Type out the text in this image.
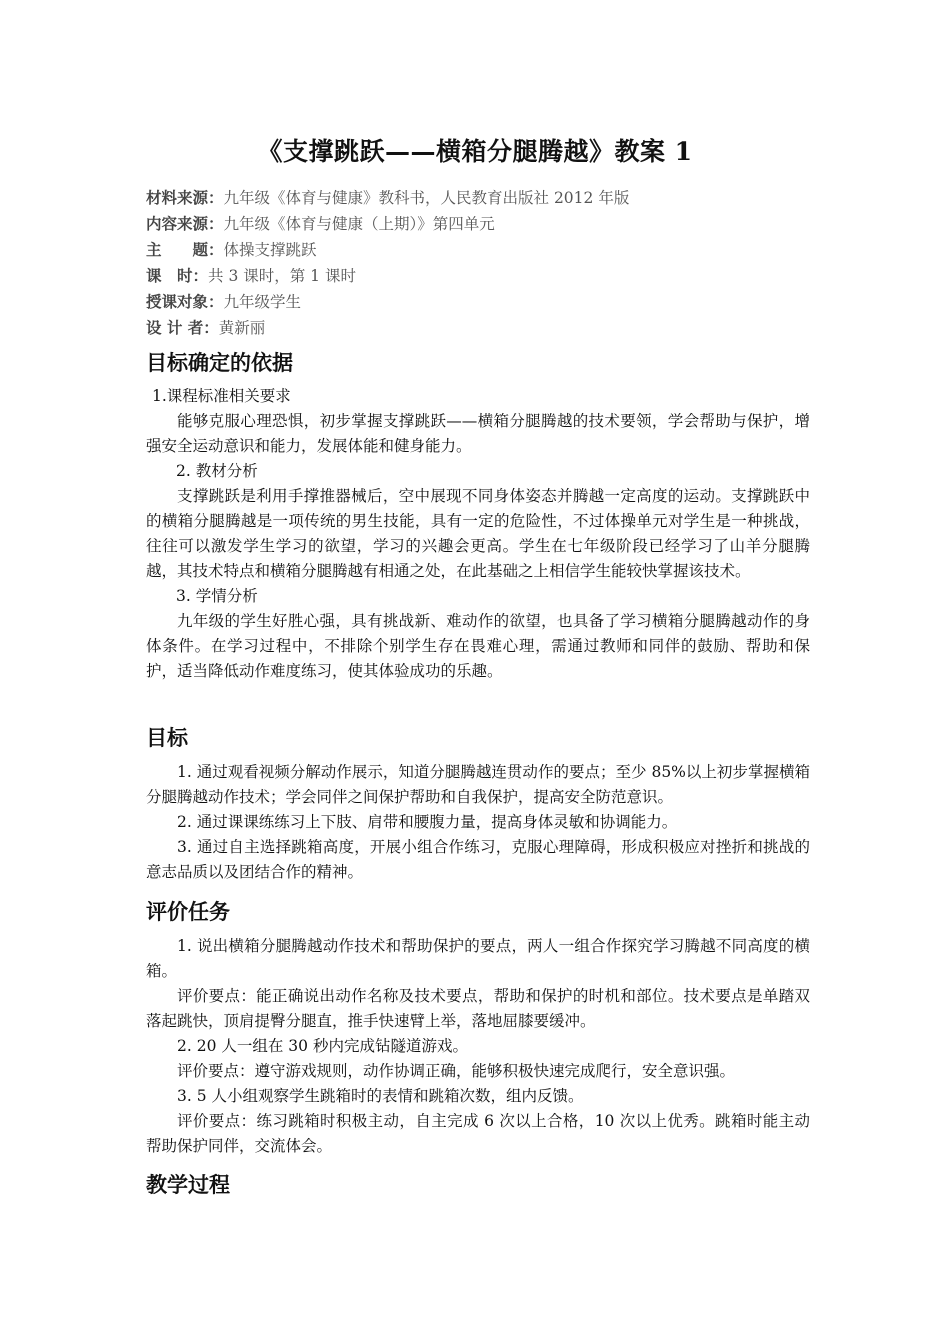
《支撑跳跃——横箱分腿腾越》教案 1
材料来源：九年级《体育与健康》教科书，人民教育出版社 2012 年版
内容来源：九年级《体育与健康（上期）》第四单元
主　　题：体操支撑跳跃
课　时：共 3 课时，第 1 课时
授课对象：九年级学生
设 计 者：黄新丽
目标确定的依据

1.课程标准相关要求

能够克服心理恐惧，初步掌握支撑跳跃——横箱分腿腾越的技术要领，学会帮助与保护，增强安全运动意识和能力，发展体能和健身能力。

2. 教材分析

支撑跳跃是利用手撑推器械后，空中展现不同身体姿态并腾越一定高度的运动。支撑跳跃中的横箱分腿腾越是一项传统的男生技能，具有一定的危险性，不过体操单元对学生是一种挑战，往往可以激发学生学习的欲望，学习的兴趣会更高。学生在七年级阶段已经学习了山羊分腿腾越，其技术特点和横箱分腿腾越有相通之处，在此基础之上相信学生能较快掌握该技术。

3. 学情分析

九年级的学生好胜心强，具有挑战新、难动作的欲望，也具备了学习横箱分腿腾越动作的身体条件。在学习过程中，不排除个别学生存在畏难心理，需通过教师和同伴的鼓励、帮助和保护，适当降低动作难度练习，使其体验成功的乐趣。

目标

1. 通过观看视频分解动作展示，知道分腿腾越连贯动作的要点；至少 85%以上初步掌握横箱分腿腾越动作技术；学会同伴之间保护帮助和自我保护，提高安全防范意识。

2. 通过课课练练习上下肢、肩带和腰腹力量，提高身体灵敏和协调能力。

3. 通过自主选择跳箱高度，开展小组合作练习，克服心理障碍，形成积极应对挫折和挑战的意志品质以及团结合作的精神。

评价任务

1. 说出横箱分腿腾越动作技术和帮助保护的要点，两人一组合作探究学习腾越不同高度的横箱。

评价要点：能正确说出动作名称及技术要点，帮助和保护的时机和部位。技术要点是单踏双落起跳快，顶肩提臀分腿直，推手快速臂上举，落地屈膝要缓冲。

2. 20 人一组在 30 秒内完成钻隧道游戏。

评价要点：遵守游戏规则，动作协调正确，能够积极快速完成爬行，安全意识强。

3. 5 人小组观察学生跳箱时的表情和跳箱次数，组内反馈。

评价要点：练习跳箱时积极主动，自主完成 6 次以上合格，10 次以上优秀。跳箱时能主动帮助保护同伴，交流体会。

教学过程
